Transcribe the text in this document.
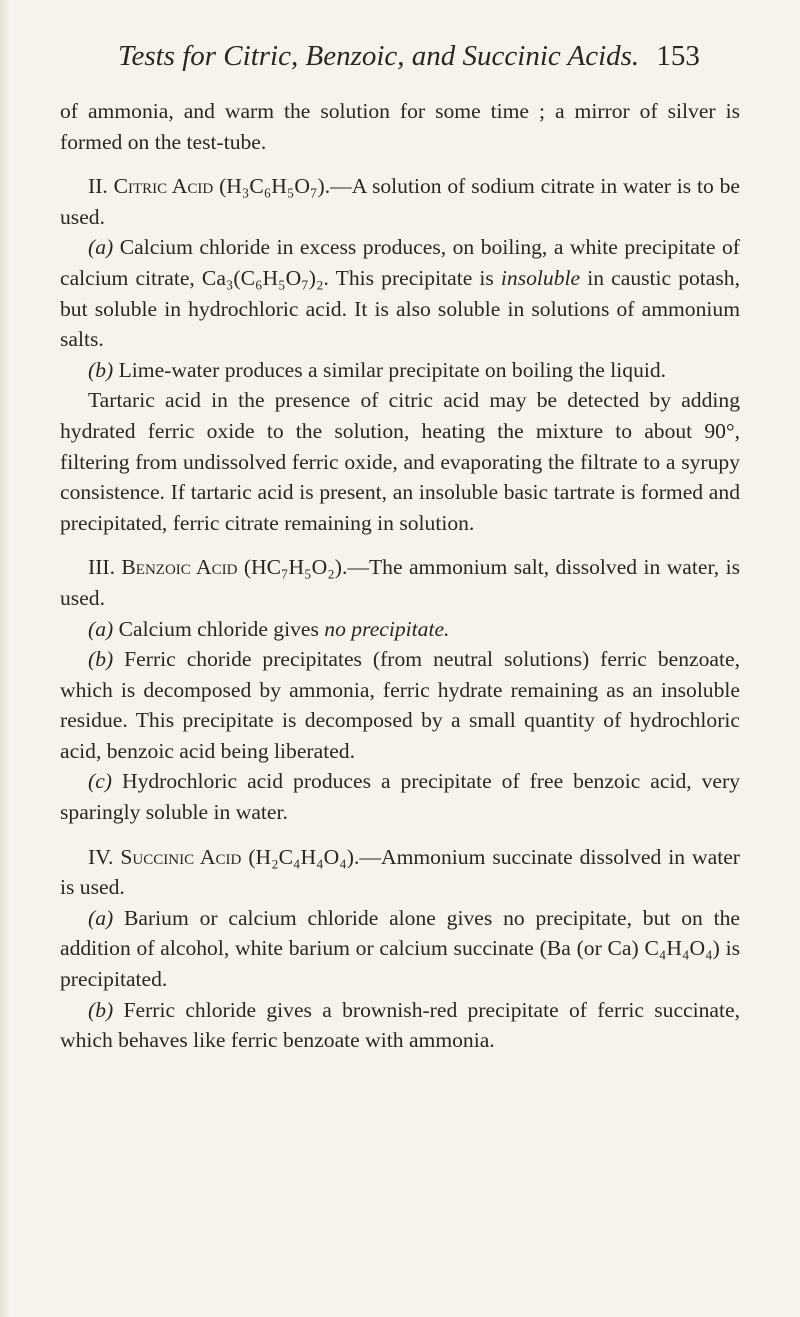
Tests for Citric, Benzoic, and Succinic Acids. 153

of ammonia, and warm the solution for some time ; a mirror of silver is formed on the test-tube.

II. Citric Acid (H₃C₆H₅O₇).—A solution of sodium citrate in water is to be used.

(a) Calcium chloride in excess produces, on boiling, a white precipitate of calcium citrate, Ca₃(C₆H₅O₇)₂. This precipitate is insoluble in caustic potash, but soluble in hydrochloric acid. It is also soluble in solutions of ammonium salts.

(b) Lime-water produces a similar precipitate on boiling the liquid.

Tartaric acid in the presence of citric acid may be detected by adding hydrated ferric oxide to the solution, heating the mixture to about 90°, filtering from undissolved ferric oxide, and evaporating the filtrate to a syrupy consistence. If tartaric acid is present, an insoluble basic tartrate is formed and precipitated, ferric citrate remaining in solution.

III. Benzoic Acid (HC₇H₅O₂).—The ammonium salt, dissolved in water, is used.

(a) Calcium chloride gives no precipitate.

(b) Ferric choride precipitates (from neutral solutions) ferric benzoate, which is decomposed by ammonia, ferric hydrate remaining as an insoluble residue. This precipitate is decomposed by a small quantity of hydrochloric acid, benzoic acid being liberated.

(c) Hydrochloric acid produces a precipitate of free benzoic acid, very sparingly soluble in water.

IV. Succinic Acid (H₂C₄H₄O₄).—Ammonium succinate dissolved in water is used.

(a) Barium or calcium chloride alone gives no precipitate, but on the addition of alcohol, white barium or calcium succinate (Ba (or Ca) C₄H₄O₄) is precipitated.

(b) Ferric chloride gives a brownish-red precipitate of ferric succinate, which behaves like ferric benzoate with ammonia.
